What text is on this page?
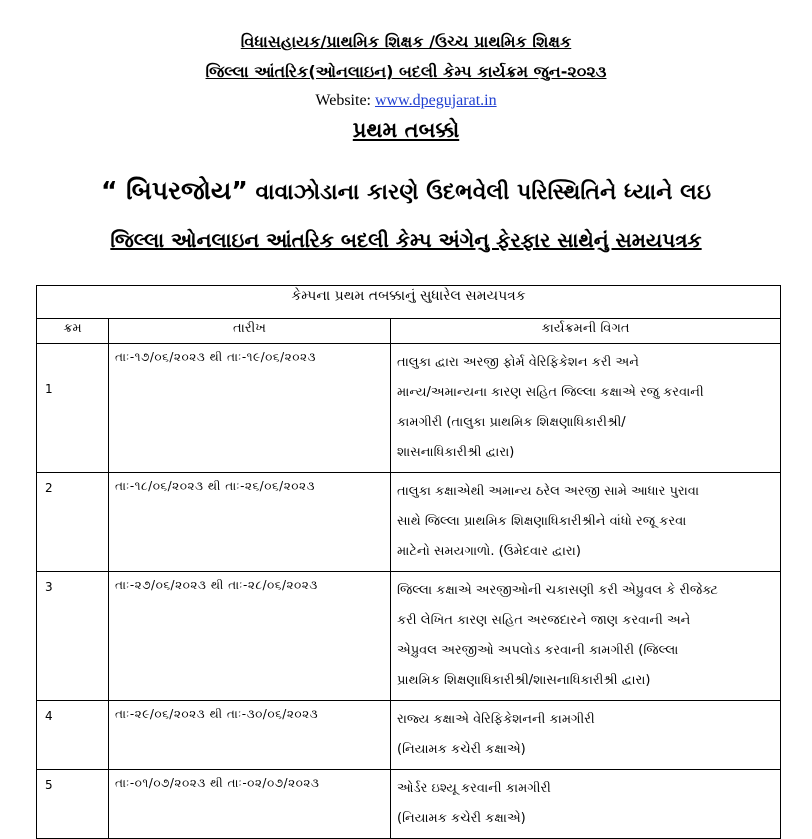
વિધાસહાયક/પ્રાથમિક શિક્ષક /ઉચ્ચ પ્રાથમિક શિક્ષક
જિલ્લા આંતરિક(ઓનલાઇન) બદલી કેમ્પ કાર્યક્રમ જુન-૨૦૨૩
Website: www.dpegujarat.in
પ્રથમ તબક્કો
“ બિપરજોય” વાવાઝોડાના કારણે ઉદભવેલી પરિસ્થિતિને ધ્યાને લઇ
જિલ્લા ઓનલાઇન આંતરિક બદલી કેમ્પ અંગેનુ ફેરફાર સાથેનું સમયપત્રક
કેમ્પના પ્રથમ તબક્કાનું સુધારેલ સમયપત્રક		
ક્રમ	તારીખ	કાર્યક્રમની વિગત
1	તાઃ-૧૭/૦૬/૨૦૨૩ થી તાઃ-૧૯/૦૬/૨૦૨૩	તાલુકા દ્વારા અરજી ફોર્મ વેરિફિકેશન કરી અને
માન્ય/અમાન્યના કારણ સહિત જિલ્લા કક્ષાએ રજુ કરવાની
કામગીરી (તાલુકા પ્રાથમિક શિક્ષણાધિકારીશ્રી/
શાસનાધિકારીશ્રી દ્વારા)

2	તાઃ-૧૮/૦૬/૨૦૨૩ થી તાઃ-૨૬/૦૬/૨૦૨૩	તાલુકા કક્ષાએથી અમાન્ય ઠરેલ અરજી સામે આધાર પુરાવા
સાથે જિલ્લા પ્રાથમિક શિક્ષણાધિકારીશ્રીને વાંધો રજૂ કરવા
માટેનો સમયગાળો. (ઉમેદવાર દ્વારા)

3	તાઃ-૨૭/૦૬/૨૦૨૩ થી તાઃ-૨૮/૦૬/૨૦૨૩	જિલ્લા કક્ષાએ અરજીઓની ચકાસણી કરી એપ્રુવલ કે રીજેક્ટ
કરી લેખિત કારણ સહિત અરજદારને જાણ કરવાની અને
એપ્રુવલ અરજીઓ અપલોડ કરવાની કામગીરી (જિલ્લા
પ્રાથમિક શિક્ષણાધિકારીશ્રી/શાસનાધિકારીશ્રી દ્વારા)

4	તાઃ-૨૯/૦૬/૨૦૨૩ થી તાઃ-૩૦/૦૬/૨૦૨૩	રાજ્ય કક્ષાએ વેરિફિકેશનની કામગીરી
(નિયામક કચેરી કક્ષાએ)

5	તાઃ-૦૧/૦૭/૨૦૨૩ થી તાઃ-૦૨/૦૭/૨૦૨૩	ઓર્ડર ઇશ્યૂ કરવાની કામગીરી
(નિયામક કચેરી કક્ષાએ)
